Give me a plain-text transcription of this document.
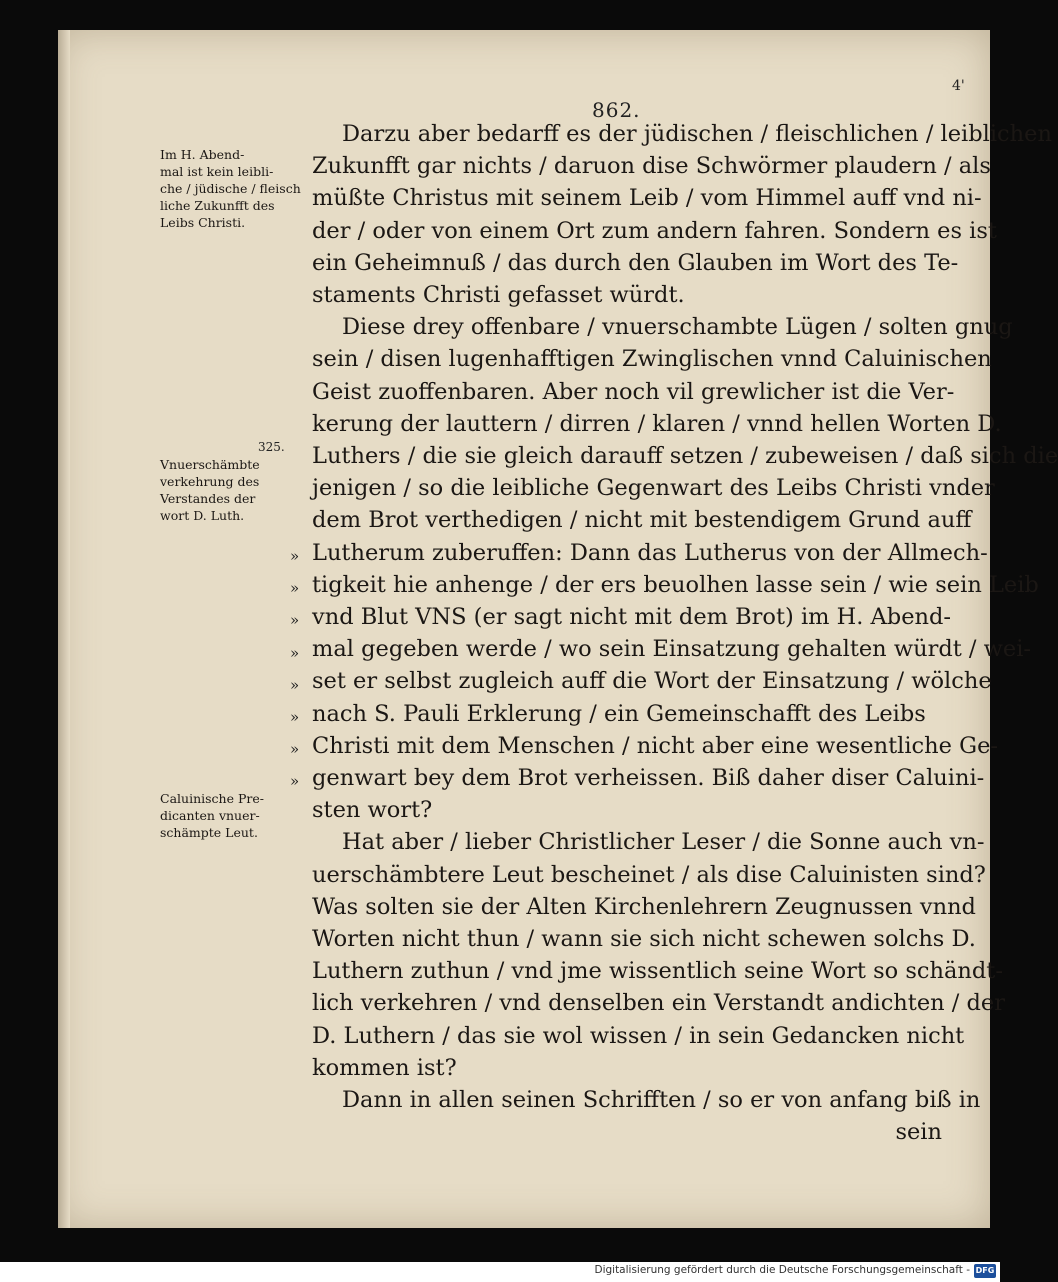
4'
862.
Im H. Abend-
mal ist kein leibli-
che / jüdische / fleisch
liche Zukunfft des
Leibs Christi.
325.
Vnuerschämbte
verkehrung des
Verstandes der
wort D. Luth.
Caluinische Pre-
dicanten vnuer-
schämpte Leut.
»
»
»
»
»
»
»
»
Darzu aber bedarff es der jüdischen / fleischlichen / leiblichen
Zukunfft gar nichts / daruon dise Schwörmer plaudern / als
müßte Christus mit seinem Leib / vom Himmel auff vnd ni-
der / oder von einem Ort zum andern fahren. Sondern es ist
ein Geheimnuß / das durch den Glauben im Wort des Te-
staments Christi gefasset würdt.
Diese drey offenbare / vnuerschambte Lügen / solten gnug
sein / disen lugenhafftigen Zwinglischen vnnd Caluinischen
Geist zuoffenbaren. Aber noch vil grewlicher ist die Ver-
kerung der lauttern / dirren / klaren / vnnd hellen Worten D.
Luthers / die sie gleich darauff setzen / zubeweisen / daß sich die
jenigen / so die leibliche Gegenwart des Leibs Christi vnder
dem Brot verthedigen / nicht mit bestendigem Grund auff
Lutherum zuberuffen: Dann das Lutherus von der Allmech-
tigkeit hie anhenge / der ers beuolhen lasse sein / wie sein Leib
vnd Blut VNS (er sagt nicht mit dem Brot) im H. Abend-
mal gegeben werde / wo sein Einsatzung gehalten würdt / wei-
set er selbst zugleich auff die Wort der Einsatzung / wölche
nach S. Pauli Erklerung / ein Gemeinschafft des Leibs
Christi mit dem Menschen / nicht aber eine wesentliche Ge-
genwart bey dem Brot verheissen. Biß daher diser Caluini-
sten wort?
Hat aber / lieber Christlicher Leser / die Sonne auch vn-
uerschämbtere Leut bescheinet / als dise Caluinisten sind?
Was solten sie der Alten Kirchenlehrern Zeugnussen vnnd
Worten nicht thun / wann sie sich nicht schewen solchs D.
Luthern zuthun / vnd jme wissentlich seine Wort so schändt-
lich verkehren / vnd denselben ein Verstandt andichten / der
D. Luthern / das sie wol wissen / in sein Gedancken nicht
kommen ist?
Dann in allen seinen Schrifften / so er von anfang biß in
sein
Digitalisierung gefördert durch die Deutsche Forschungsgemeinschaft - DFG
